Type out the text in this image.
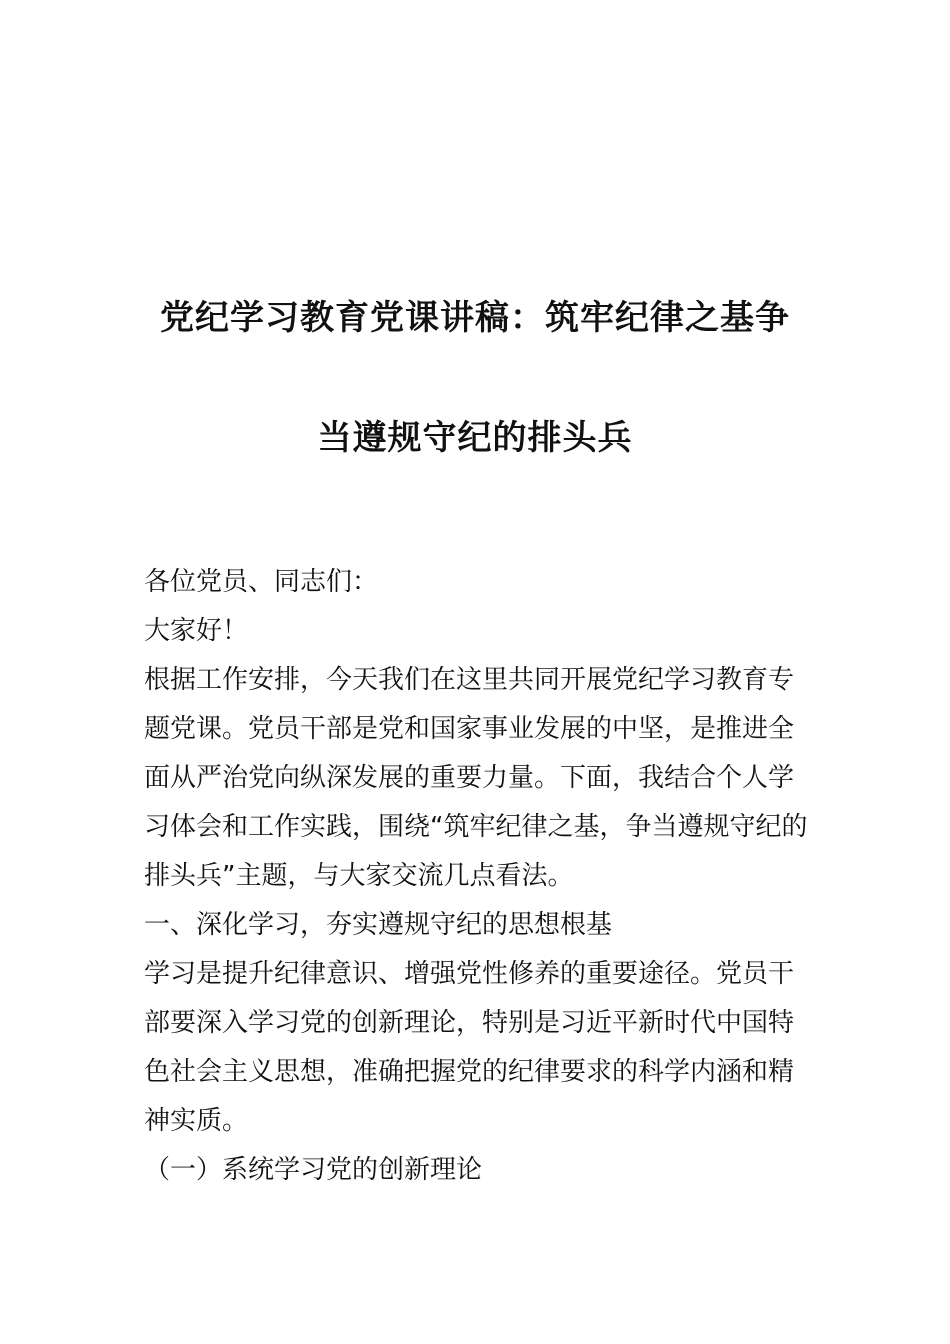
党纪学习教育党课讲稿：筑牢纪律之基争
当遵规守纪的排头兵

各位党员、同志们：

大家好！

根据工作安排，今天我们在这里共同开展党纪学习教育专题党课。党员干部是党和国家事业发展的中坚，是推进全面从严治党向纵深发展的重要力量。下面，我结合个人学习体会和工作实践，围绕“筑牢纪律之基，争当遵规守纪的排头兵”主题，与大家交流几点看法。

一、深化学习，夯实遵规守纪的思想根基

学习是提升纪律意识、增强党性修养的重要途径。党员干部要深入学习党的创新理论，特别是习近平新时代中国特色社会主义思想，准确把握党的纪律要求的科学内涵和精神实质。

（一）系统学习党的创新理论
